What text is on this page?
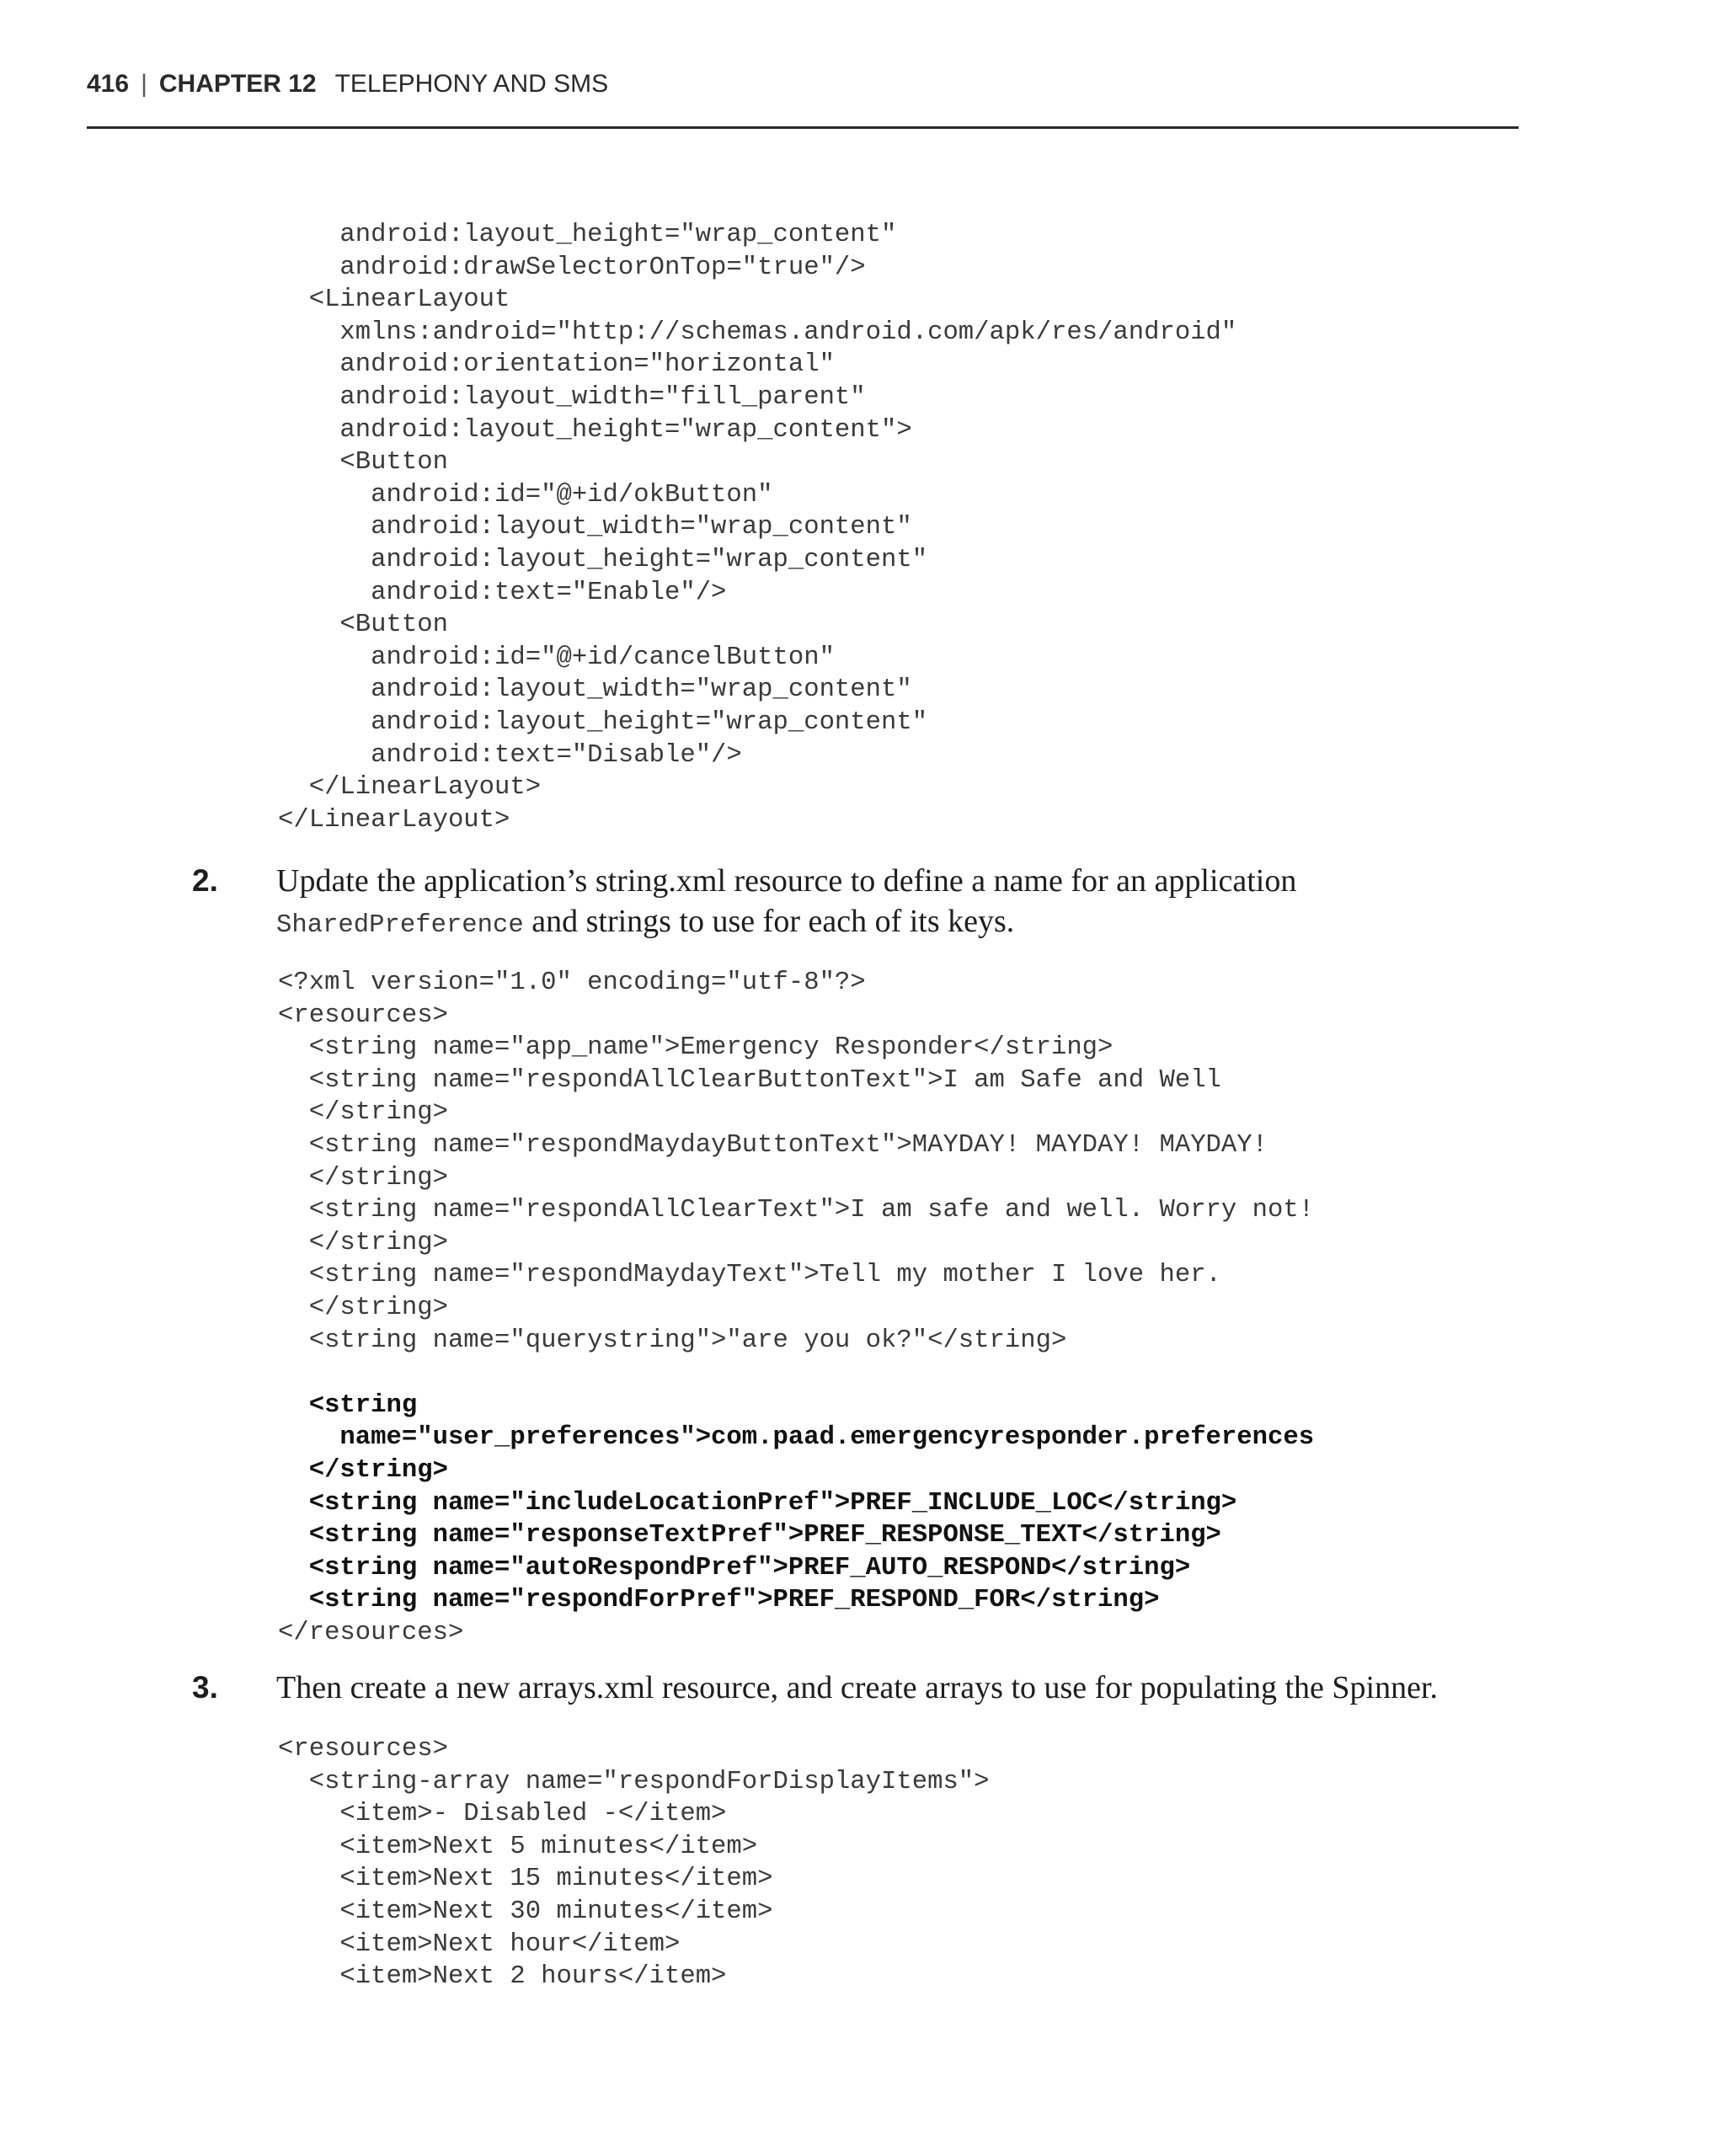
416 | CHAPTER 12 TELEPHONY AND SMS
android:layout_height="wrap_content"
android:drawSelectorOnTop="true"/>
<LinearLayout
xmlns:android="http://schemas.android.com/apk/res/android"
android:orientation="horizontal"
android:layout_width="fill_parent"
android:layout_height="wrap_content">
<Button
android:id="@+id/okButton"
android:layout_width="wrap_content"
android:layout_height="wrap_content"
android:text="Enable"/>
<Button
android:id="@+id/cancelButton"
android:layout_width="wrap_content"
android:layout_height="wrap_content"
android:text="Disable"/>
</LinearLayout>
</LinearLayout>
2. Update the application’s string.xml resource to define a name for an application
SharedPreference and strings to use for each of its keys.
<?xml version="1.0" encoding="utf-8"?>
<resources>
<string name="app_name">Emergency Responder</string>
<string name="respondAllClearButtonText">I am Safe and Well
</string>
<string name="respondMaydayButtonText">MAYDAY! MAYDAY! MAYDAY!
</string>
<string name="respondAllClearText">I am safe and well. Worry not!
</string>
<string name="respondMaydayText">Tell my mother I love her.
</string>
<string name="querystring">"are you ok?"</string>

<string
name="user_preferences">com.paad.emergencyresponder.preferences
</string>
<string name="includeLocationPref">PREF_INCLUDE_LOC</string>
<string name="responseTextPref">PREF_RESPONSE_TEXT</string>
<string name="autoRespondPref">PREF_AUTO_RESPOND</string>
<string name="respondForPref">PREF_RESPOND_FOR</string>
</resources>
3. Then create a new arrays.xml resource, and create arrays to use for populating the Spinner.
<resources>
<string-array name="respondForDisplayItems">
<item>- Disabled -</item>
<item>Next 5 minutes</item>
<item>Next 15 minutes</item>
<item>Next 30 minutes</item>
<item>Next hour</item>
<item>Next 2 hours</item>
